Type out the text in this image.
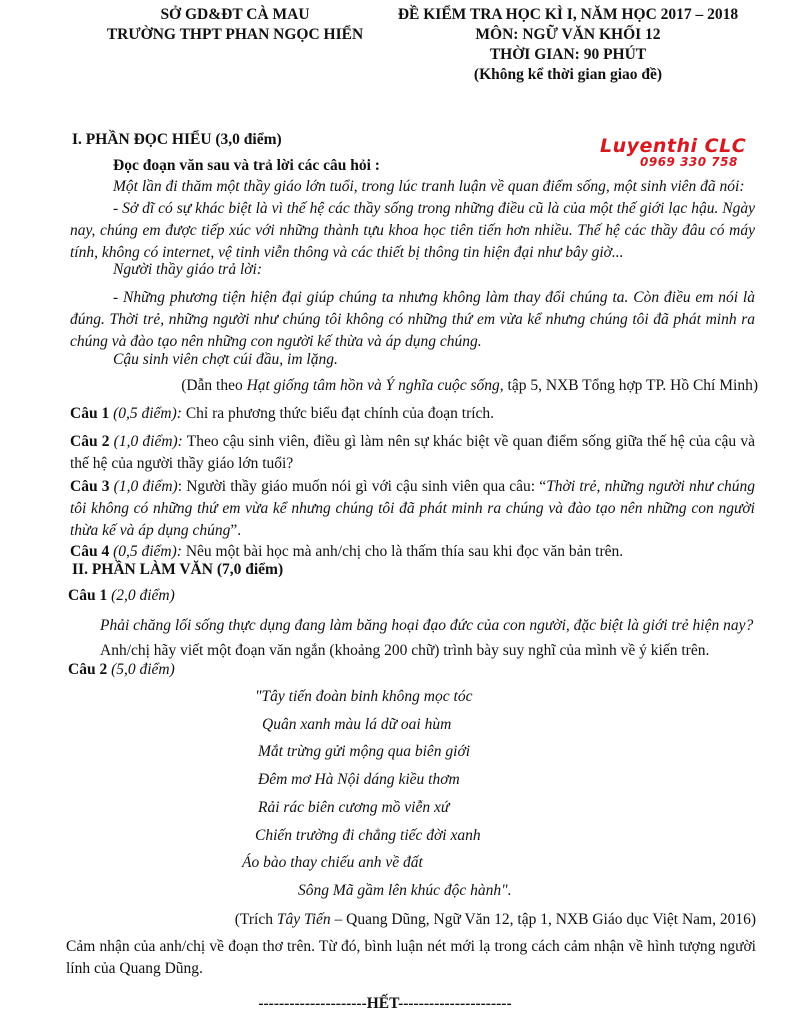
SỞ GD&ĐT CÀ MAU
TRƯỜNG THPT PHAN NGỌC HIỂN
ĐỀ KIỂM TRA HỌC KÌ I, NĂM HỌC 2017 – 2018
MÔN: NGỮ VĂN KHỐI 12
THỜI GIAN: 90 PHÚT
(Không kể thời gian giao đề)
Luyenthi CLC
0969 330 758
I. PHẦN ĐỌC HIỂU (3,0 điểm)
Đọc đoạn văn sau và trả lời các câu hỏi :
Một lần đi thăm một thầy giáo lớn tuổi, trong lúc tranh luận về quan điểm sống, một sinh viên đã nói:
- Sở dĩ có sự khác biệt là vì thế hệ các thầy sống trong những điều cũ là của một thế giới lạc hậu. Ngày nay, chúng em được tiếp xúc với những thành tựu khoa học tiên tiến hơn nhiều. Thế hệ các thầy đâu có máy tính, không có internet, vệ tinh viễn thông và các thiết bị thông tin hiện đại như bây giờ...
Người thầy giáo trả lời:
- Những phương tiện hiện đại giúp chúng ta nhưng không làm thay đổi chúng ta. Còn điều em nói là đúng. Thời trẻ, những người như chúng tôi không có những thứ em vừa kể nhưng chúng tôi đã phát minh ra chúng và đào tạo nên những con người kế thừa và áp dụng chúng.
Cậu sinh viên chợt cúi đầu, im lặng.
(Dẫn theo Hạt giống tâm hồn và Ý nghĩa cuộc sống, tập 5, NXB Tổng hợp TP. Hồ Chí Minh)
Câu 1 (0,5 điểm): Chỉ ra phương thức biểu đạt chính của đoạn trích.
Câu 2 (1,0 điểm): Theo cậu sinh viên, điều gì làm nên sự khác biệt về quan điểm sống giữa thế hệ của cậu và thế hệ của người thầy giáo lớn tuổi?
Câu 3 (1,0 điểm): Người thầy giáo muốn nói gì với cậu sinh viên qua câu: “Thời trẻ, những người như chúng tôi không có những thứ em vừa kể nhưng chúng tôi đã phát minh ra chúng và đào tạo nên những con người thừa kế và áp dụng chúng”.
Câu 4 (0,5 điểm): Nêu một bài học mà anh/chị cho là thấm thía sau khi đọc văn bản trên.
II. PHẦN LÀM VĂN (7,0 điểm)
Câu 1 (2,0 điểm)
Phải chăng lối sống thực dụng đang làm băng hoại đạo đức của con người, đặc biệt là giới trẻ hiện nay?
Anh/chị hãy viết một đoạn văn ngắn (khoảng 200 chữ) trình bày suy nghĩ của mình về ý kiến trên.
Câu 2 (5,0 điểm)
"Tây tiến đoàn binh không mọc tóc
Quân xanh màu lá dữ oai hùm
Mắt trừng gửi mộng qua biên giới
Đêm mơ Hà Nội dáng kiều thơm
Rải rác biên cương mồ viễn xứ
Chiến trường đi chẳng tiếc đời xanh
Áo bào thay chiếu anh về đất
Sông Mã gầm lên khúc độc hành".
(Trích Tây Tiến – Quang Dũng, Ngữ Văn 12, tập 1, NXB Giáo dục Việt Nam, 2016)
Cảm nhận của anh/chị về đoạn thơ trên. Từ đó, bình luận nét mới lạ trong cách cảm nhận về hình tượng người lính của Quang Dũng.
---------------------HẾT----------------------
